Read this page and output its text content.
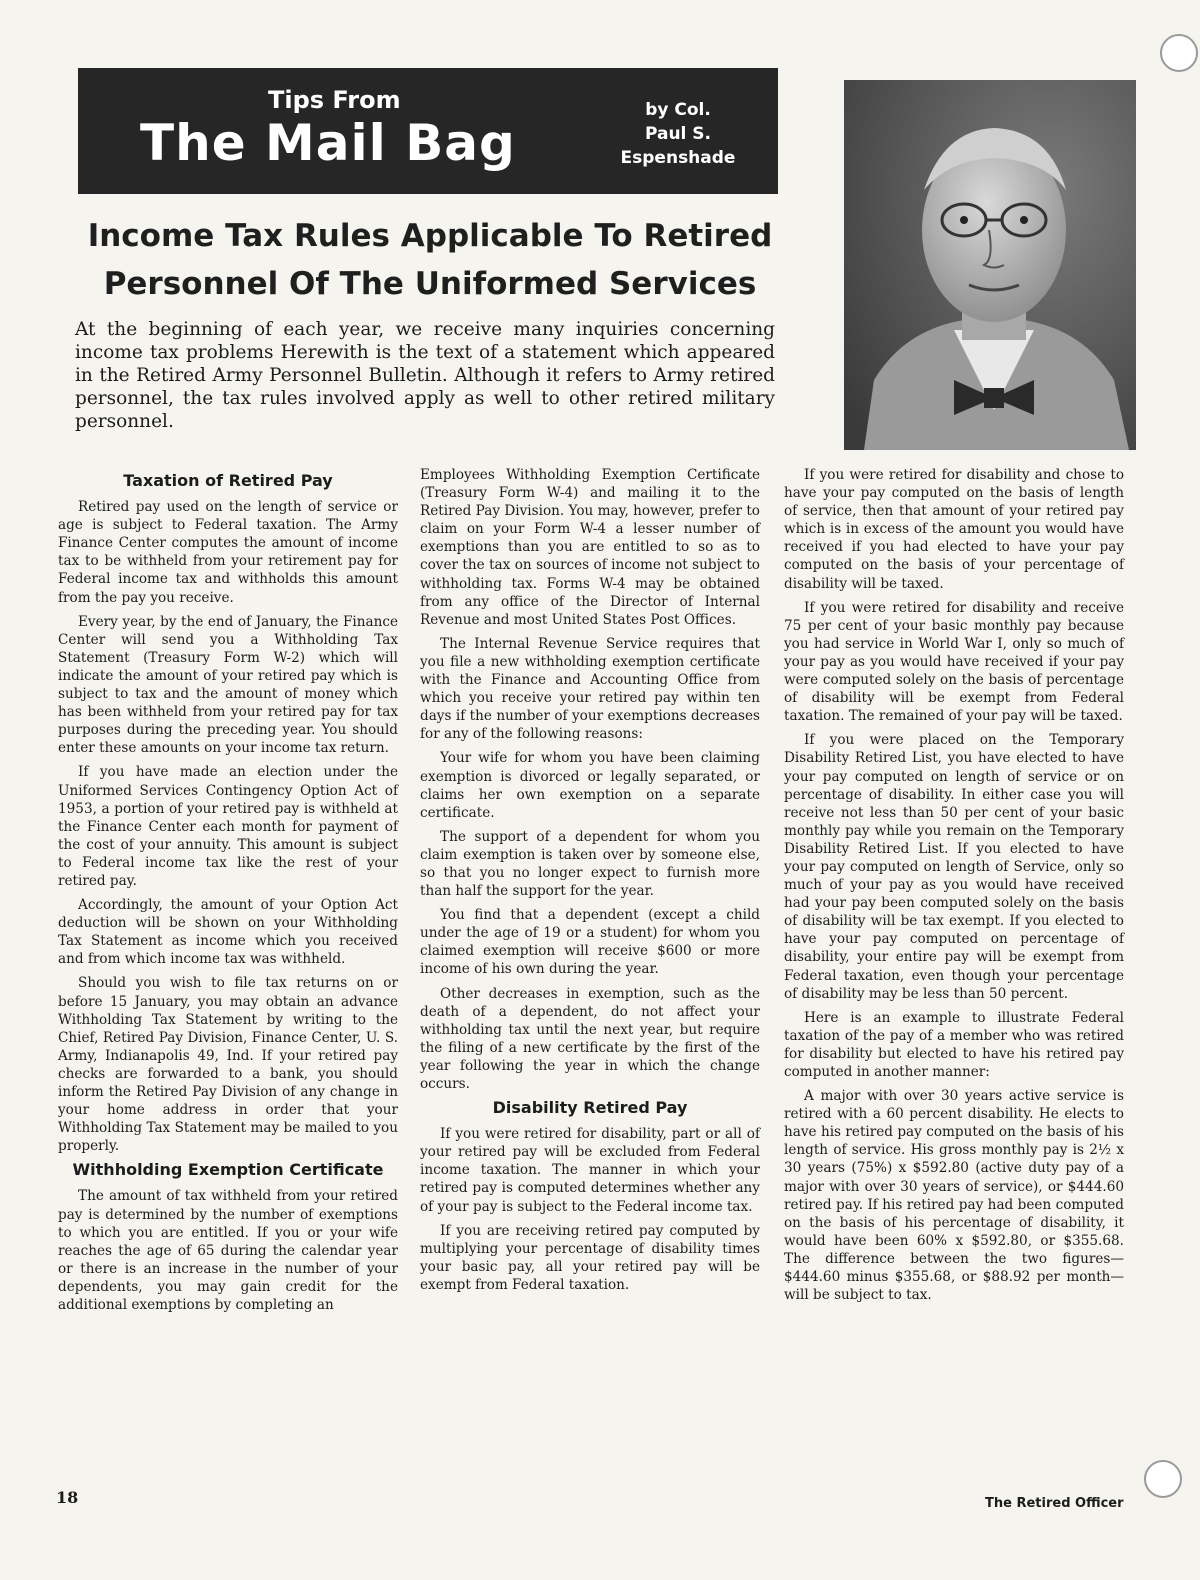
Tips From
The Mail Bag
by Col.
Paul S.
Espenshade
Income Tax Rules Applicable To Retired Personnel Of The Uniformed Services

At the beginning of each year, we receive many inquiries concerning income tax problems Herewith is the text of a statement which appeared in the Retired Army Personnel Bulletin. Although it refers to Army retired personnel, the tax rules involved apply as well to other retired military personnel.

Taxation of Retired Pay

Retired pay used on the length of service or age is subject to Federal taxation. The Army Finance Center computes the amount of income tax to be withheld from your retirement pay for Federal income tax and withholds this amount from the pay you receive.

Every year, by the end of January, the Finance Center will send you a Withholding Tax Statement (Treasury Form W-2) which will indicate the amount of your retired pay which is subject to tax and the amount of money which has been withheld from your retired pay for tax purposes during the preceding year. You should enter these amounts on your income tax return.

If you have made an election under the Uniformed Services Contingency Option Act of 1953, a portion of your retired pay is withheld at the Finance Center each month for payment of the cost of your annuity. This amount is subject to Federal income tax like the rest of your retired pay.

Accordingly, the amount of your Option Act deduction will be shown on your Withholding Tax Statement as income which you received and from which income tax was withheld.

Should you wish to file tax returns on or before 15 January, you may obtain an advance Withholding Tax Statement by writing to the Chief, Retired Pay Division, Finance Center, U. S. Army, Indianapolis 49, Ind. If your retired pay checks are forwarded to a bank, you should inform the Retired Pay Division of any change in your home address in order that your Withholding Tax Statement may be mailed to you properly.

Withholding Exemption Certificate

The amount of tax withheld from your retired pay is determined by the number of exemptions to which you are entitled. If you or your wife reaches the age of 65 during the calendar year or there is an increase in the number of your dependents, you may gain credit for the additional exemptions by completing an

Employees Withholding Exemption Certificate (Treasury Form W-4) and mailing it to the Retired Pay Division. You may, however, prefer to claim on your Form W-4 a lesser number of exemptions than you are entitled to so as to cover the tax on sources of income not subject to withholding tax. Forms W-4 may be obtained from any office of the Director of Internal Revenue and most United States Post Offices.

The Internal Revenue Service requires that you file a new withholding exemption certificate with the Finance and Accounting Office from which you receive your retired pay within ten days if the number of your exemptions decreases for any of the following reasons:

Your wife for whom you have been claiming exemption is divorced or legally separated, or claims her own exemption on a separate certificate.

The support of a dependent for whom you claim exemption is taken over by someone else, so that you no longer expect to furnish more than half the support for the year.

You find that a dependent (except a child under the age of 19 or a student) for whom you claimed exemption will receive $600 or more income of his own during the year.

Other decreases in exemption, such as the death of a dependent, do not affect your withholding tax until the next year, but require the filing of a new certificate by the first of the year following the year in which the change occurs.

Disability Retired Pay

If you were retired for disability, part or all of your retired pay will be excluded from Federal income taxation. The manner in which your retired pay is computed determines whether any of your pay is subject to the Federal income tax.

If you are receiving retired pay computed by multiplying your percentage of disability times your basic pay, all your retired pay will be exempt from Federal taxation.

If you were retired for disability and chose to have your pay computed on the basis of length of service, then that amount of your retired pay which is in excess of the amount you would have received if you had elected to have your pay computed on the basis of your percentage of disability will be taxed.

If you were retired for disability and receive 75 per cent of your basic monthly pay because you had service in World War I, only so much of your pay as you would have received if your pay were computed solely on the basis of percentage of disability will be exempt from Federal taxation. The remained of your pay will be taxed.

If you were placed on the Temporary Disability Retired List, you have elected to have your pay computed on length of service or on percentage of disability. In either case you will receive not less than 50 per cent of your basic monthly pay while you remain on the Temporary Disability Retired List. If you elected to have your pay computed on length of Service, only so much of your pay as you would have received had your pay been computed solely on the basis of disability will be tax exempt. If you elected to have your pay computed on percentage of disability, your entire pay will be exempt from Federal taxation, even though your percentage of disability may be less than 50 percent.

Here is an example to illustrate Federal taxation of the pay of a member who was retired for disability but elected to have his retired pay computed in another manner:

A major with over 30 years active service is retired with a 60 percent disability. He elects to have his retired pay computed on the basis of his length of service. His gross monthly pay is 2½ x 30 years (75%) x $592.80 (active duty pay of a major with over 30 years of service), or $444.60 retired pay. If his retired pay had been computed on the basis of his percentage of disability, it would have been 60% x $592.80, or $355.68. The difference between the two figures—$444.60 minus $355.68, or $88.92 per month—will be subject to tax.

18	The Retired Officer
